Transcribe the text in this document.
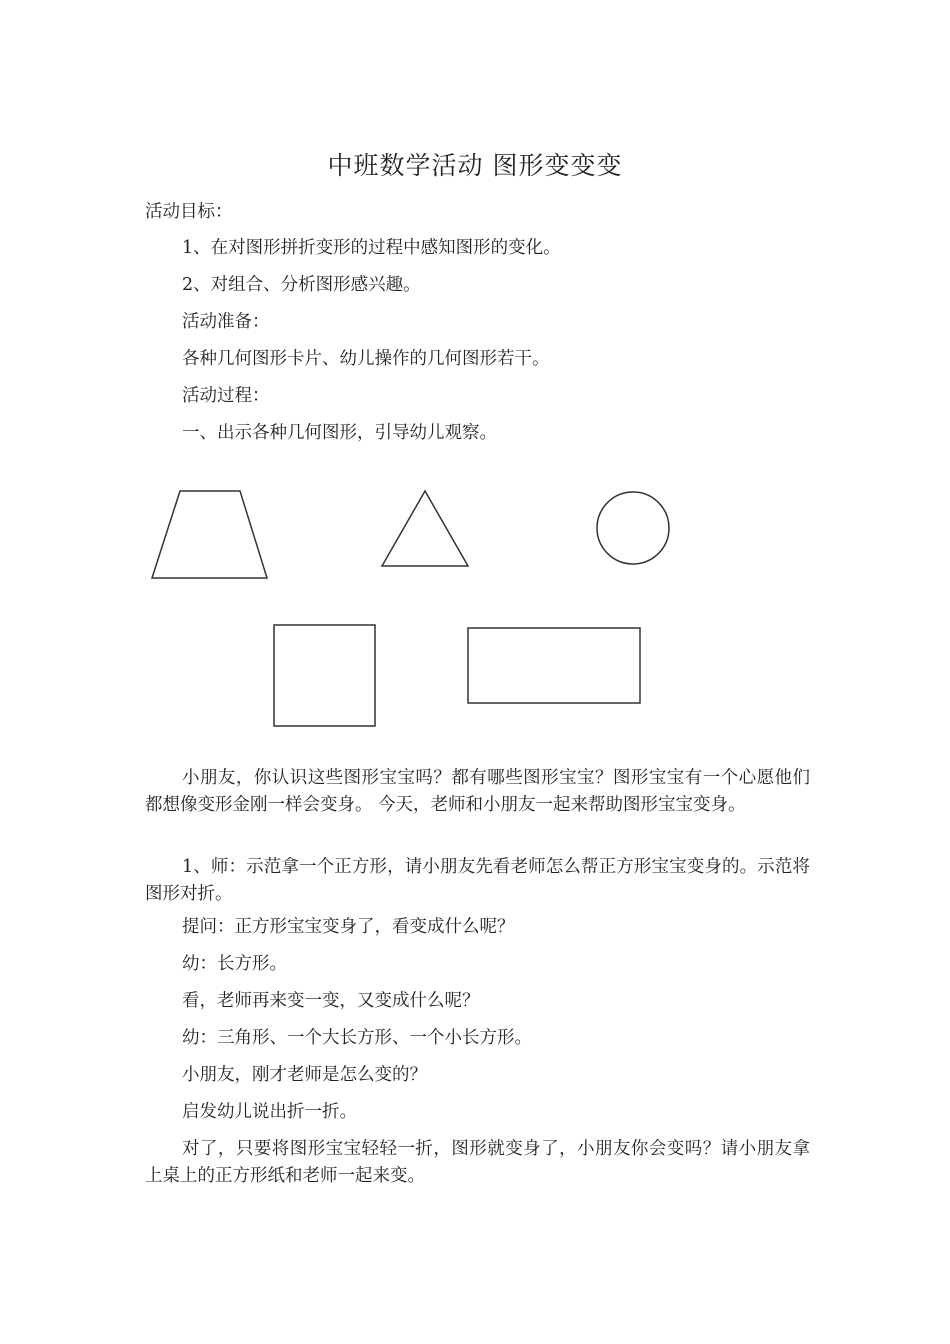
中班数学活动 图形变变变
活动目标：
1、在对图形拼折变形的过程中感知图形的变化。
2、对组合、分析图形感兴趣。
活动准备：
各种几何图形卡片、幼儿操作的几何图形若干。
活动过程：
一、出示各种几何图形，引导幼儿观察。
小朋友，你认识这些图形宝宝吗？都有哪些图形宝宝？图形宝宝有一个心愿他们都想像变形金刚一样会变身。 今天，老师和小朋友一起来帮助图形宝宝变身。
1、师：示范拿一个正方形，请小朋友先看老师怎么帮正方形宝宝变身的。示范将图形对折。
提问：正方形宝宝变身了，看变成什么呢？
幼：长方形。
看，老师再来变一变，又变成什么呢？
幼：三角形、一个大长方形、一个小长方形。
小朋友，刚才老师是怎么变的？
启发幼儿说出折一折。
对了，只要将图形宝宝轻轻一折，图形就变身了，小朋友你会变吗？请小朋友拿上桌上的正方形纸和老师一起来变。
